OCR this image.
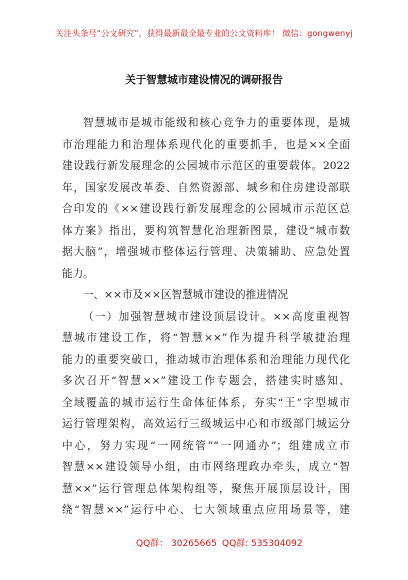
关注头条号“公文研究”，获得最新最全最专业的公文资料库！ 微信：gongwenyj
关于智慧城市建设情况的调研报告
智慧城市是城市能级和核心竞争力的重要体现，是城
市治理能力和治理体系现代化的重要抓手，也是××全面
建设践行新发展理念的公园城市示范区的重要载体。2022
年，国家发展改革委、自然资源部、城乡和住房建设部联
合印发的《××建设践行新发展理念的公园城市示范区总
体方案》指出，要构筑智慧化治理新图景，建设“城市数
据大脑”，增强城市整体运行管理、决策辅助、应急处置
能力。
一、××市及××区智慧城市建设的推进情况
（一）加强智慧城市建设顶层设计。××高度重视智
慧城市建设工作，将“智慧××”作为提升科学敏捷治理
能力的重要突破口，推动城市治理体系和治理能力现代化
多次召开“智慧××”建设工作专题会，搭建实时感知、
全域覆盖的城市运行生命体征体系，夯实“王”字型城市
运行管理架构，高效运行三级城运中心和市级部门城运分
中心，努力实现“一网统管”“一网通办”；组建成立市
智慧××建设领导小组，由市网络理政办牵头，成立“智
慧××”运行管理总体架构组等，聚焦开展顶层设计，围
绕“智慧××”运行中心、七大领域重点应用场景等，建
QQ群： 30265665 QQ群: 535304092
